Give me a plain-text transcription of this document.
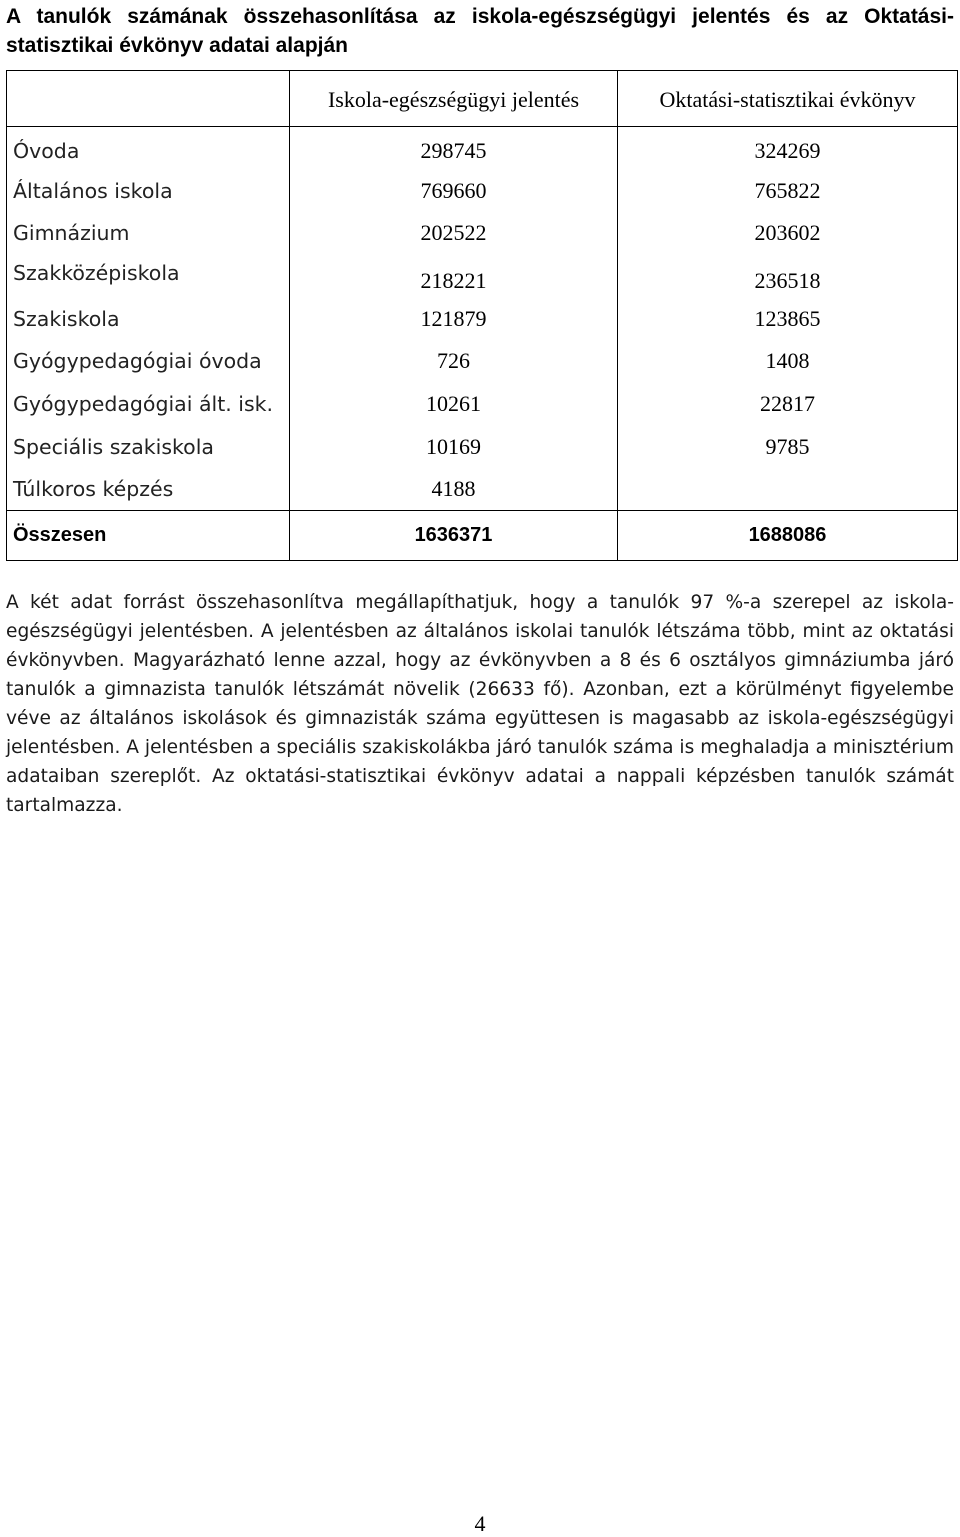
A tanulók számának összehasonlítása az iskola-egészségügyi jelentés és az Oktatási-statisztikai évkönyv adatai alapján
	Iskola-egészségügyi jelentés	Oktatási-statisztikai évkönyv
Óvoda	298745	324269
Általános iskola	769660	765822
Gimnázium	202522	203602
Szakközépiskola	218221	236518
Szakiskola	121879	123865
Gyógypedagógiai óvoda	726	1408
Gyógypedagógiai ált. isk.	10261	22817
Speciális szakiskola	10169	9785
Túlkoros képzés	4188	
Összesen	1636371	1688086

A két adat forrást összehasonlítva megállapíthatjuk, hogy a tanulók 97 %-a szerepel az iskola-egészségügyi jelentésben. A jelentésben az általános iskolai tanulók létszáma több, mint az oktatási évkönyvben. Magyarázható lenne azzal, hogy az évkönyvben a 8 és 6 osztályos gimnáziumba járó tanulók a gimnazista tanulók létszámát növelik (26633 fő). Azonban, ezt a körülményt figyelembe véve az általános iskolások és gimnazisták száma együttesen is magasabb az iskola-egészségügyi jelentésben. A jelentésben a speciális szakiskolákba járó tanulók száma is meghaladja a minisztérium adataiban szereplőt. Az oktatási-statisztikai évkönyv adatai a nappali képzésben tanulók számát tartalmazza.

4
